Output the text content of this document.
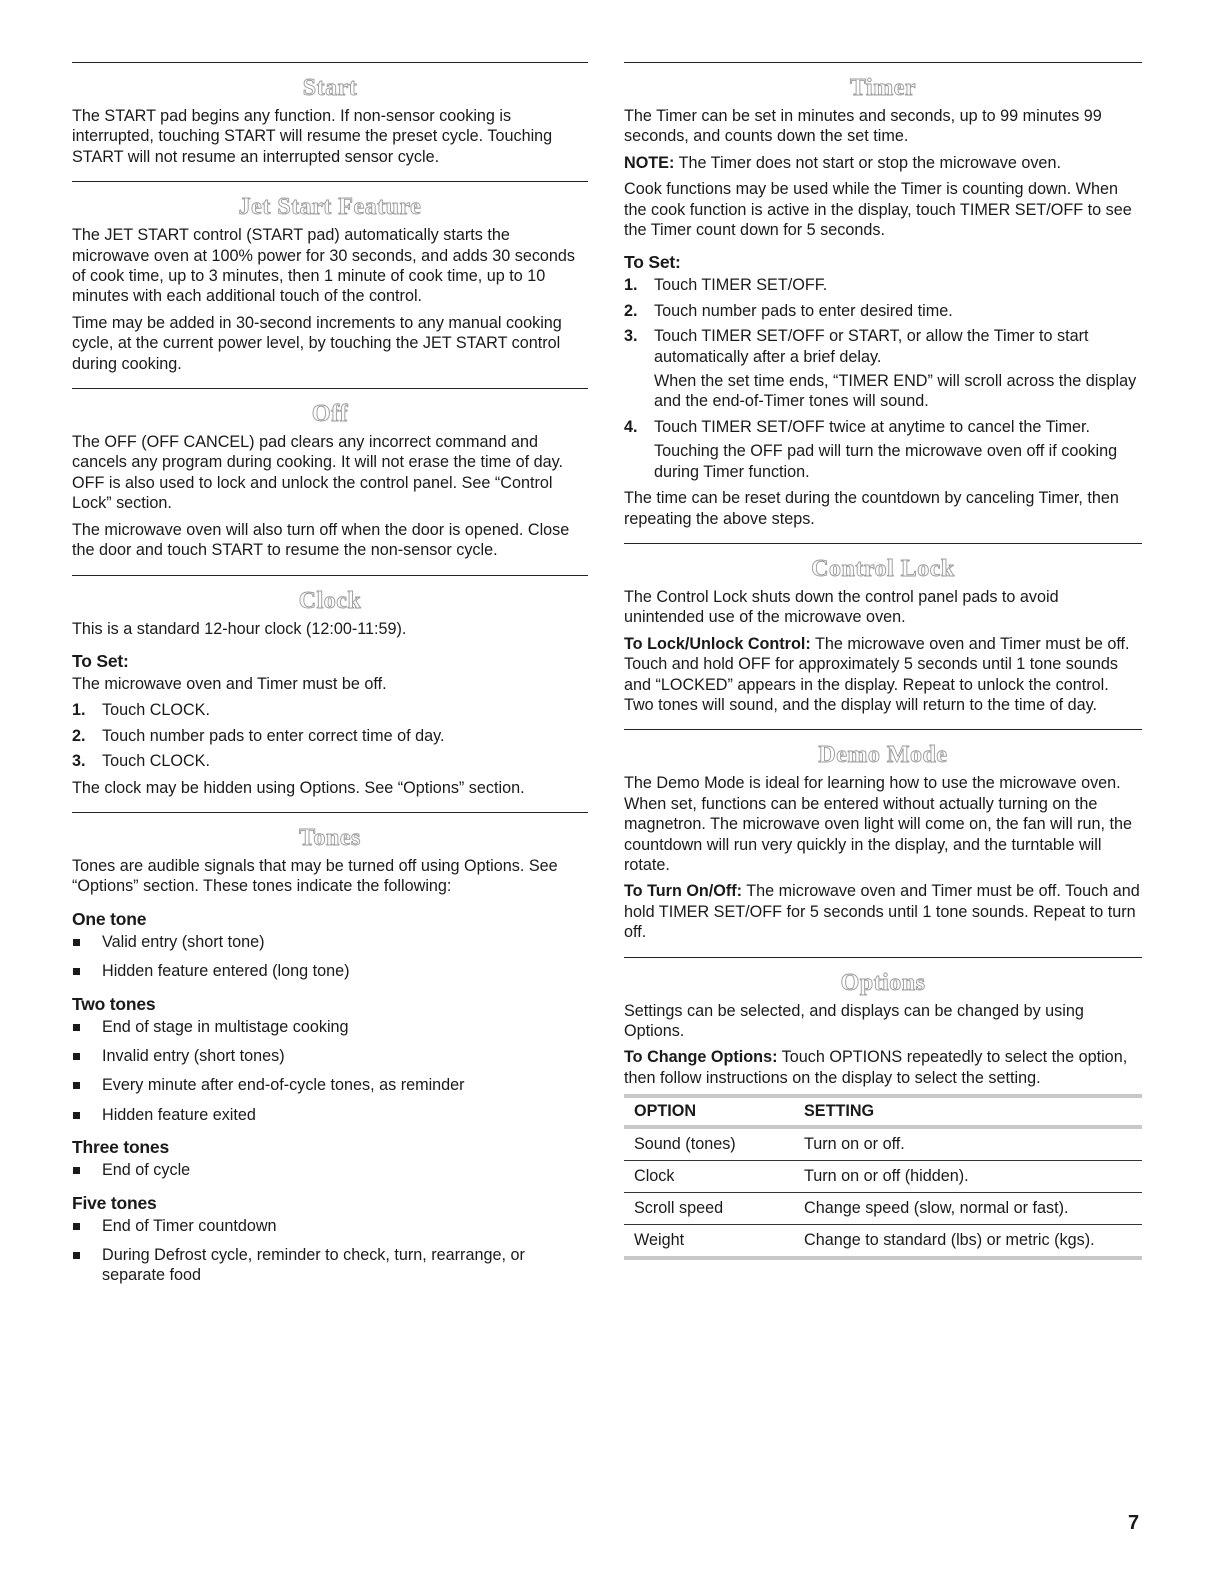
Start

The START pad begins any function. If non-sensor cooking is interrupted, touching START will resume the preset cycle. Touching START will not resume an interrupted sensor cycle.

Jet Start Feature

The JET START control (START pad) automatically starts the microwave oven at 100% power for 30 seconds, and adds 30 seconds of cook time, up to 3 minutes, then 1 minute of cook time, up to 10 minutes with each additional touch of the control.

Time may be added in 30-second increments to any manual cooking cycle, at the current power level, by touching the JET START control during cooking.

Off

The OFF (OFF CANCEL) pad clears any incorrect command and cancels any program during cooking. It will not erase the time of day. OFF is also used to lock and unlock the control panel. See “Control Lock” section.

The microwave oven will also turn off when the door is opened. Close the door and touch START to resume the non-sensor cycle.

Clock

This is a standard 12-hour clock (12:00-11:59).

To Set:

The microwave oven and Timer must be off.

1. Touch CLOCK.
2. Touch number pads to enter correct time of day.
3. Touch CLOCK.

The clock may be hidden using Options. See “Options” section.

Tones

Tones are audible signals that may be turned off using Options. See “Options” section. These tones indicate the following:

One tone
Valid entry (short tone)
Hidden feature entered (long tone)
Two tones
End of stage in multistage cooking
Invalid entry (short tones)
Every minute after end-of-cycle tones, as reminder
Hidden feature exited
Three tones
End of cycle
Five tones
End of Timer countdown
During Defrost cycle, reminder to check, turn, rearrange, or separate food
Timer

The Timer can be set in minutes and seconds, up to 99 minutes 99 seconds, and counts down the set time.

NOTE: The Timer does not start or stop the microwave oven.

Cook functions may be used while the Timer is counting down. When the cook function is active in the display, touch TIMER SET/OFF to see the Timer count down for 5 seconds.

To Set:
1. Touch TIMER SET/OFF.
2. Touch number pads to enter desired time.
3. Touch TIMER SET/OFF or START, or allow the Timer to start automatically after a brief delay.

When the set time ends, “TIMER END” will scroll across the display and the end-of-Timer tones will sound.

4. Touch TIMER SET/OFF twice at anytime to cancel the Timer.

Touching the OFF pad will turn the microwave oven off if cooking during Timer function.

The time can be reset during the countdown by canceling Timer, then repeating the above steps.

Control Lock

The Control Lock shuts down the control panel pads to avoid unintended use of the microwave oven.

To Lock/Unlock Control: The microwave oven and Timer must be off. Touch and hold OFF for approximately 5 seconds until 1 tone sounds and “LOCKED” appears in the display. Repeat to unlock the control. Two tones will sound, and the display will return to the time of day.

Demo Mode

The Demo Mode is ideal for learning how to use the microwave oven. When set, functions can be entered without actually turning on the magnetron. The microwave oven light will come on, the fan will run, the countdown will run very quickly in the display, and the turntable will rotate.

To Turn On/Off: The microwave oven and Timer must be off. Touch and hold TIMER SET/OFF for 5 seconds until 1 tone sounds. Repeat to turn off.

Options

Settings can be selected, and displays can be changed by using Options.

To Change Options: Touch OPTIONS repeatedly to select the option, then follow instructions on the display to select the setting.

OPTION	SETTING
Sound (tones)	Turn on or off.
Clock	Turn on or off (hidden).
Scroll speed	Change speed (slow, normal or fast).
Weight	Change to standard (lbs) or metric (kgs).
7
